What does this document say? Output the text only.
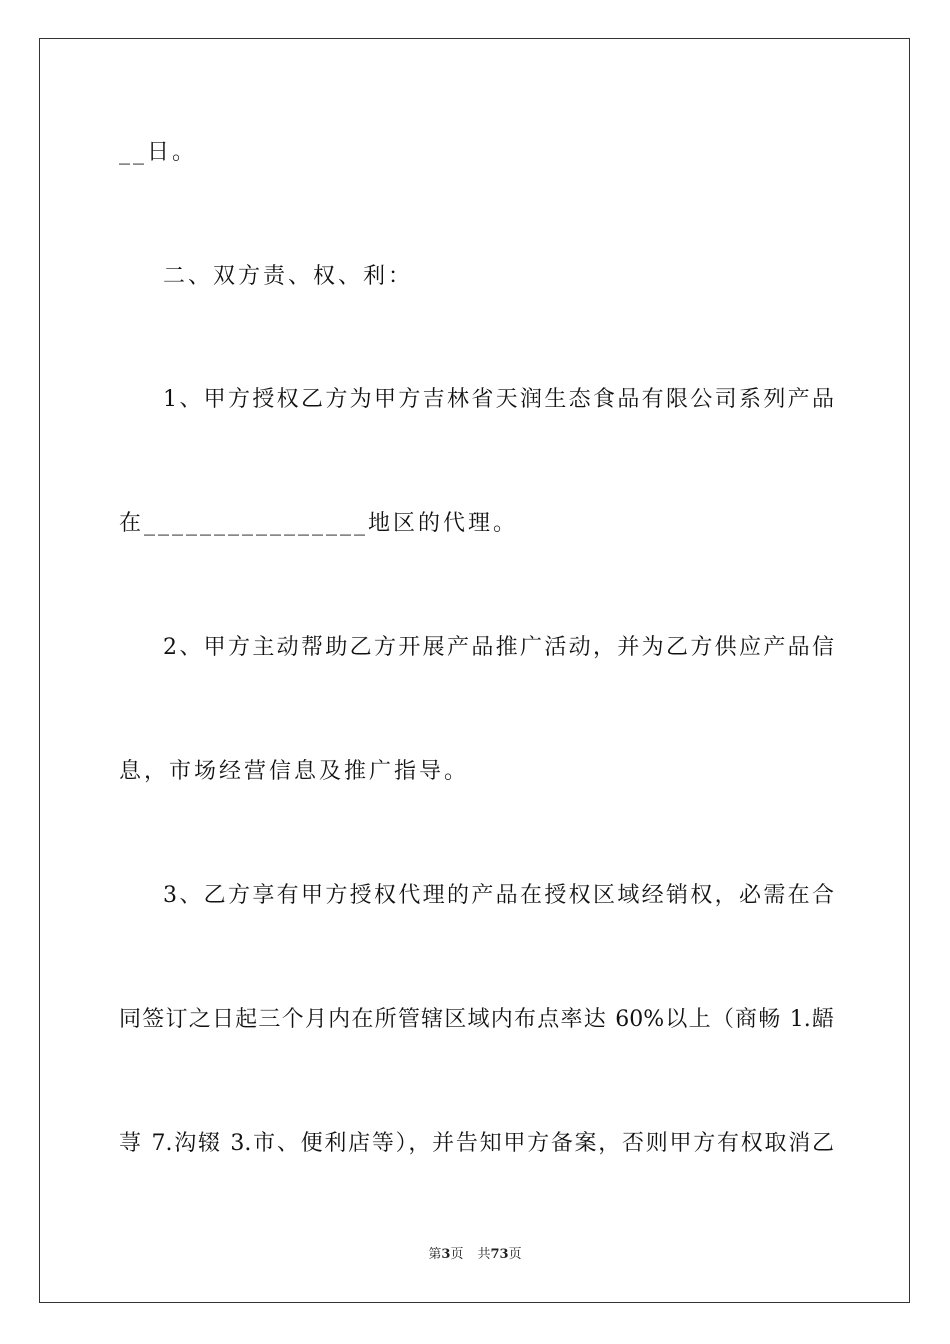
__日。
二、双方责、权、利：
1、甲方授权乙方为甲方吉林省天润生态食品有限公司系列产品
在________________地区的代理。
2、甲方主动帮助乙方开展产品推广活动，并为乙方供应产品信
息，市场经营信息及推广指导。
3、乙方享有甲方授权代理的产品在授权区域经销权，必需在合
同签订之日起三个月内在所管辖区域内布点率达 60%以上（商畅 1.龉
荨 7.沟辍 3.市、便利店等），并告知甲方备案，否则甲方有权取消乙
第3页 共73页
